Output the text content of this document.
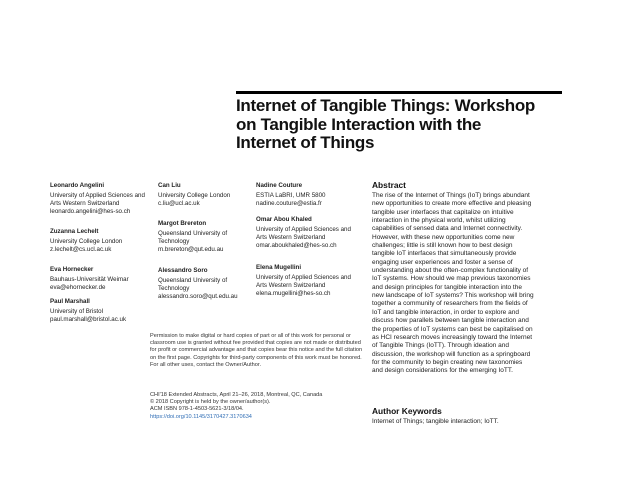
Internet of Tangible Things: Workshop
on Tangible Interaction with the
Internet of Things
Leonardo Angelini
University of Applied Sciences and
Arts Western Switzerland
leonardo.angelini@hes-so.ch
Zuzanna Lechelt
University College London
z.lechelt@cs.ucl.ac.uk
Eva Hornecker
Bauhaus-Universität Weimar
eva@ehornecker.de
Paul Marshall
University of Bristol
paul.marshall@bristol.ac.uk
Can Liu
University College London
c.liu@ucl.ac.uk
Margot Brereton
Queensland University of
Technology
m.brereton@qut.edu.au
Alessandro Soro
Queensland University of
Technology
alessandro.soro@qut.edu.au
Nadine Couture
ESTIA LaBRI, UMR 5800
nadine.couture@estia.fr
Omar Abou Khaled
University of Applied Sciences and
Arts Western Switzerland
omar.aboukhaled@hes-so.ch
Elena Mugellini
University of Applied Sciences and
Arts Western Switzerland
elena.mugellini@hes-so.ch
Permission to make digital or hard copies of part or all of this work for personal or classroom use is granted without fee provided that copies are not made or distributed for profit or commercial advantage and that copies bear this notice and the full citation on the first page. Copyrights for third-party components of this work must be honored. For all other uses, contact the Owner/Author.
CHI'18 Extended Abstracts, April 21–26, 2018, Montreal, QC, Canada
© 2018 Copyright is held by the owner/author(s).
ACM ISBN 978-1-4503-5621-3/18/04.
https://doi.org/10.1145/3170427.3170634
Abstract
The rise of the Internet of Things (IoT) brings abundant
new opportunities to create more effective and pleasing
tangible user interfaces that capitalize on intuitive
interaction in the physical world, whilst utilizing
capabilities of sensed data and Internet connectivity.
However, with these new opportunities come new
challenges; little is still known how to best design
tangible IoT interfaces that simultaneously provide
engaging user experiences and foster a sense of
understanding about the often-complex functionality of
IoT systems. How should we map previous taxonomies
and design principles for tangible interaction into the
new landscape of IoT systems? This workshop will bring
together a community of researchers from the fields of
IoT and tangible interaction, in order to explore and
discuss how parallels between tangible interaction and
the properties of IoT systems can best be capitalised on
as HCI research moves increasingly toward the Internet
of Tangible Things (IoTT). Through ideation and
discussion, the workshop will function as a springboard
for the community to begin creating new taxonomies
and design considerations for the emerging IoTT.
Author Keywords
Internet of Things; tangible interaction; IoTT.
